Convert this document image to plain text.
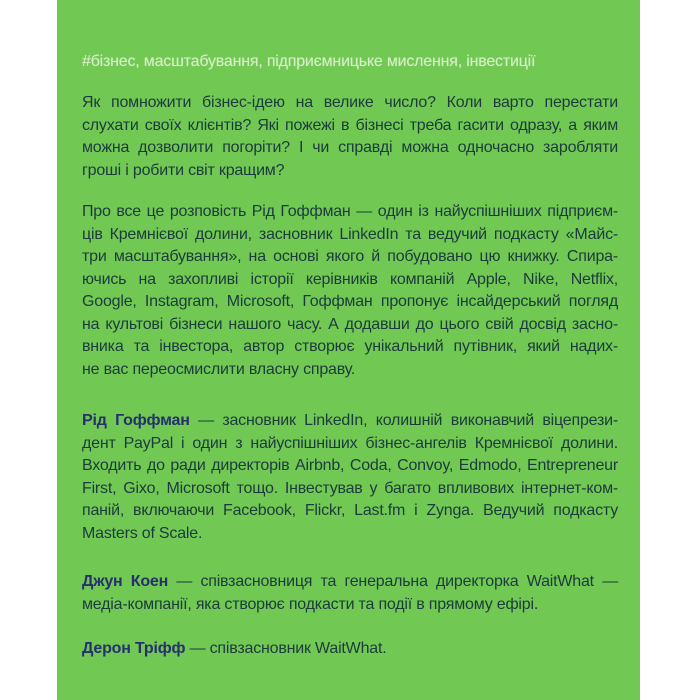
#бізнес, масштабування, підприємницьке мислення, інвестиції
Як помножити бізнес-ідею на велике число? Коли варто перестати
слухати своїх клієнтів? Які пожежі в бізнесі треба гасити одразу, а яким
можна дозволити погоріти? І чи справді можна одночасно заробляти
гроші і робити світ кращим?
Про все це розповість Рід Гоффман — один із найуспішніших підприєм-
ців Кремнієвої долини, засновник LinkedIn та ведучий подкасту «Майс-
три масштабування», на основі якого й побудовано цю книжку. Спира-
ючись на захопливі історії керівників компаній Apple, Nike, Netflix,
Google, Instagram, Microsoft, Гоффман пропонує інсайдерський погляд
на культові бізнеси нашого часу. А додавши до цього свій досвід засно-
вника та інвестора, автор створює унікальний путівник, який надих-
не вас переосмислити власну справу.
Рід Гоффман — засновник LinkedIn, колишній виконавчий віцепрези-
дент PayPal і один з найуспішніших бізнес-ангелів Кремнієвої долини.
Входить до ради директорів Airbnb, Coda, Convoy, Edmodo, Entrepreneur
First, Gixo, Microsoft тощо. Інвестував у багато впливових інтернет-ком-
паній, включаючи Facebook, Flickr, Last.fm і Zynga. Ведучий подкасту
Masters of Scale.
Джун Коен — співзасновниця та генеральна директорка WaitWhat —
медіа-компанії, яка створює подкасти та події в прямому ефірі.
Дерон Тріфф — співзасновник WaitWhat.
